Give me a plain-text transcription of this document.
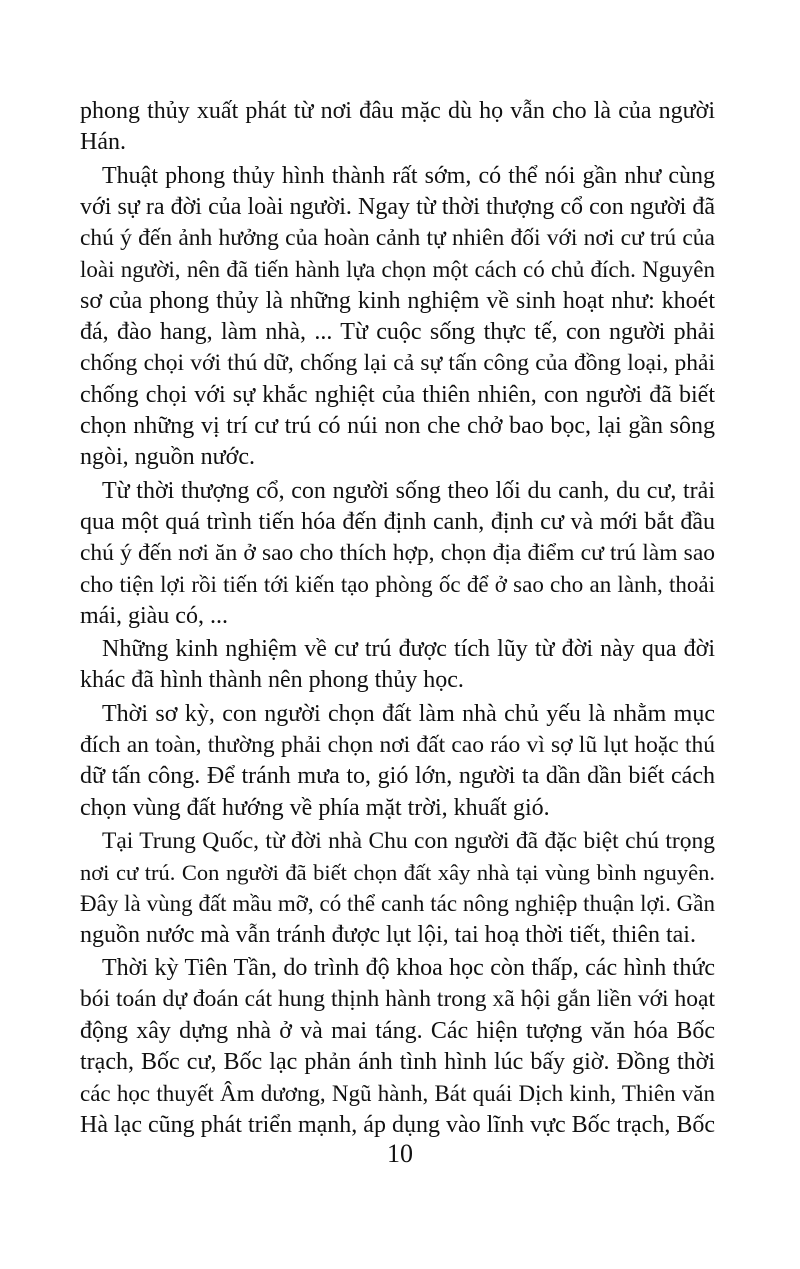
phong thủy xuất phát từ nơi đâu mặc dù họ vẫn cho là của người
Hán.
Thuật phong thủy hình thành rất sớm, có thể nói gần như cùng
với sự ra đời của loài người. Ngay từ thời thượng cổ con người đã
chú ý đến ảnh hưởng của hoàn cảnh tự nhiên đối với nơi cư trú của
loài người, nên đã tiến hành lựa chọn một cách có chủ đích. Nguyên
sơ của phong thủy là những kinh nghiệm về sinh hoạt như: khoét
đá, đào hang, làm nhà, ... Từ cuộc sống thực tế, con người phải
chống chọi với thú dữ, chống lại cả sự tấn công của đồng loại, phải
chống chọi với sự khắc nghiệt của thiên nhiên, con người đã biết
chọn những vị trí cư trú có núi non che chở bao bọc, lại gần sông
ngòi, nguồn nước.
Từ thời thượng cổ, con người sống theo lối du canh, du cư, trải
qua một quá trình tiến hóa đến định canh, định cư và mới bắt đầu
chú ý đến nơi ăn ở sao cho thích hợp, chọn địa điểm cư trú làm sao
cho tiện lợi rồi tiến tới kiến tạo phòng ốc để ở sao cho an lành, thoải
mái, giàu có, ...
Những kinh nghiệm về cư trú được tích lũy từ đời này qua đời
khác đã hình thành nên phong thủy học.
Thời sơ kỳ, con người chọn đất làm nhà chủ yếu là nhằm mục
đích an toàn, thường phải chọn nơi đất cao ráo vì sợ lũ lụt hoặc thú
dữ tấn công. Để tránh mưa to, gió lớn, người ta dần dần biết cách
chọn vùng đất hướng về phía mặt trời, khuất gió.
Tại Trung Quốc, từ đời nhà Chu con người đã đặc biệt chú trọng
nơi cư trú. Con người đã biết chọn đất xây nhà tại vùng bình nguyên.
Đây là vùng đất mầu mỡ, có thể canh tác nông nghiệp thuận lợi. Gần
nguồn nước mà vẫn tránh được lụt lội, tai hoạ thời tiết, thiên tai.
Thời kỳ Tiên Tần, do trình độ khoa học còn thấp, các hình thức
bói toán dự đoán cát hung thịnh hành trong xã hội gắn liền với hoạt
động xây dựng nhà ở và mai táng. Các hiện tượng văn hóa Bốc
trạch, Bốc cư, Bốc lạc phản ánh tình hình lúc bấy giờ. Đồng thời
các học thuyết Âm dương, Ngũ hành, Bát quái Dịch kinh, Thiên văn
Hà lạc cũng phát triển mạnh, áp dụng vào lĩnh vực Bốc trạch, Bốc
10
